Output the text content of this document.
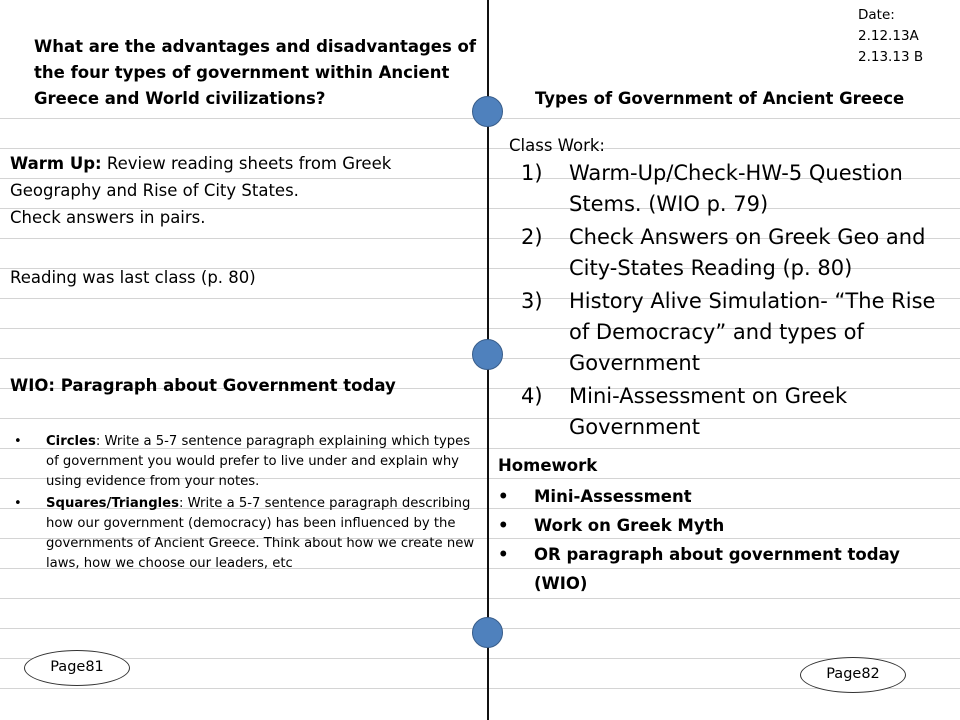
Date:
2.12.13A
2.13.13 B

What are the advantages and disadvantages of the four types of government within Ancient Greece and World civilizations?	Types of Government of Ancient Greece

Warm Up: Review reading sheets from Greek Geography and Rise of City States.
Check answers in pairs.

Reading was last class (p. 80)

WIO: Paragraph about Government today

• Circles: Write a 5-7 sentence paragraph explaining which types of government you would prefer to live under and explain why using evidence from your notes.
• Squares/Triangles: Write a 5-7 sentence paragraph describing how our government (democracy) has been influenced by the governments of Ancient Greece. Think about how we create new laws, how we choose our leaders, etc

Class Work:

1) Warm-Up/Check-HW-5 Question Stems. (WIO p. 79)
2) Check Answers on Greek Geo and City-States Reading (p. 80)
3) History Alive Simulation- “The Rise of Democracy” and types of Government
4) Mini-Assessment on Greek Government

Homework

• Mini-Assessment
• Work on Greek Myth
• OR paragraph about government today (WIO)
Page81	Page82
